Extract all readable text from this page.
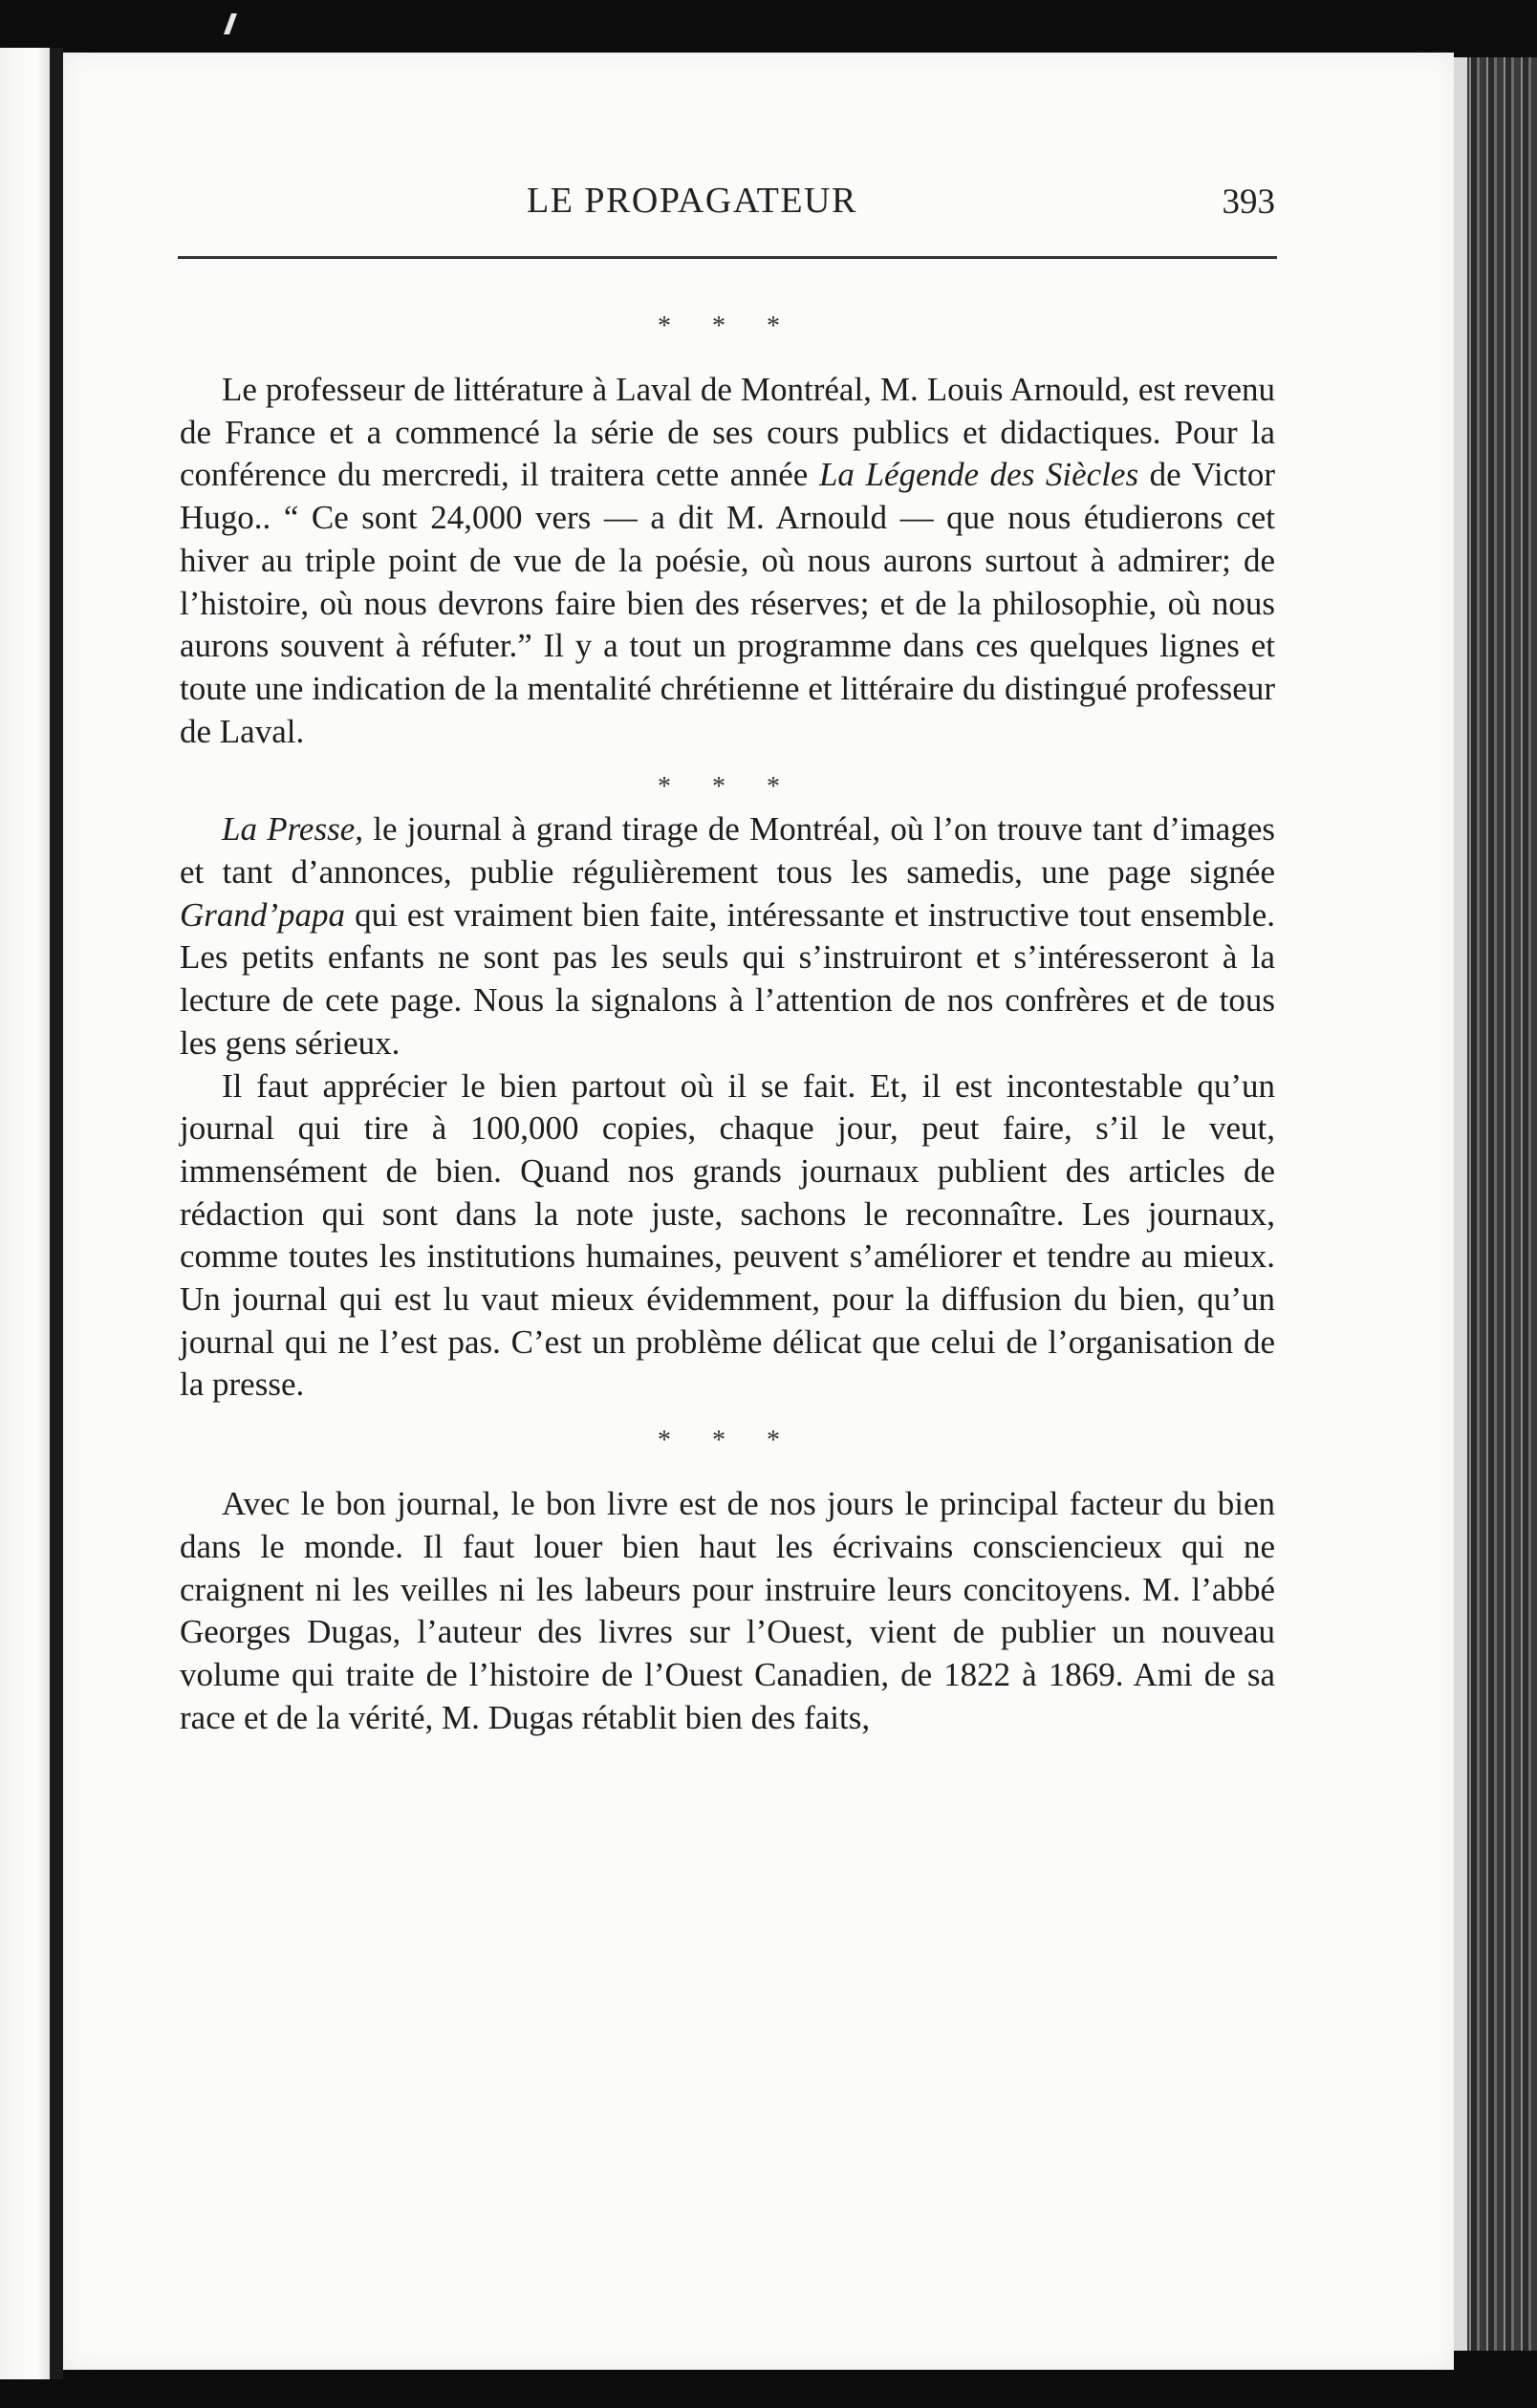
LE PROPAGATEUR	393
* * *

Le professeur de littérature à Laval de Montréal, M. Louis Arnould, est revenu de France et a commencé la série de ses cours publics et didactiques. Pour la conférence du mercredi, il traitera cette année La Légende des Siècles de Victor Hugo.. “ Ce sont 24,000 vers — a dit M. Arnould — que nous étudierons cet hiver au triple point de vue de la poésie, où nous aurons surtout à admirer; de l’histoire, où nous devrons faire bien des réserves; et de la philosophie, où nous aurons souvent à réfuter.” Il y a tout un programme dans ces quelques lignes et toute une indication de la mentalité chrétienne et littéraire du distingué professeur de Laval.

* * *

La Presse, le journal à grand tirage de Montréal, où l’on trouve tant d’images et tant d’annonces, publie régulièrement tous les samedis, une page signée Grand’papa qui est vraiment bien faite, intéressante et instructive tout ensemble. Les petits enfants ne sont pas les seuls qui s’instruiront et s’intéresseront à la lecture de cete page. Nous la signalons à l’attention de nos confrères et de tous les gens sérieux.

Il faut apprécier le bien partout où il se fait. Et, il est incontestable qu’un journal qui tire à 100,000 copies, chaque jour, peut faire, s’il le veut, immensément de bien. Quand nos grands journaux publient des articles de rédaction qui sont dans la note juste, sachons le reconnaître. Les journaux, comme toutes les institutions humaines, peuvent s’améliorer et tendre au mieux. Un journal qui est lu vaut mieux évidemment, pour la diffusion du bien, qu’un journal qui ne l’est pas. C’est un problème délicat que celui de l’organisation de la presse.

* * *

Avec le bon journal, le bon livre est de nos jours le principal facteur du bien dans le monde. Il faut louer bien haut les écrivains consciencieux qui ne craignent ni les veilles ni les labeurs pour instruire leurs concitoyens. M. l’abbé Georges Dugas, l’auteur des livres sur l’Ouest, vient de publier un nouveau volume qui traite de l’histoire de l’Ouest Canadien, de 1822 à 1869. Ami de sa race et de la vérité, M. Dugas rétablit bien des faits,
